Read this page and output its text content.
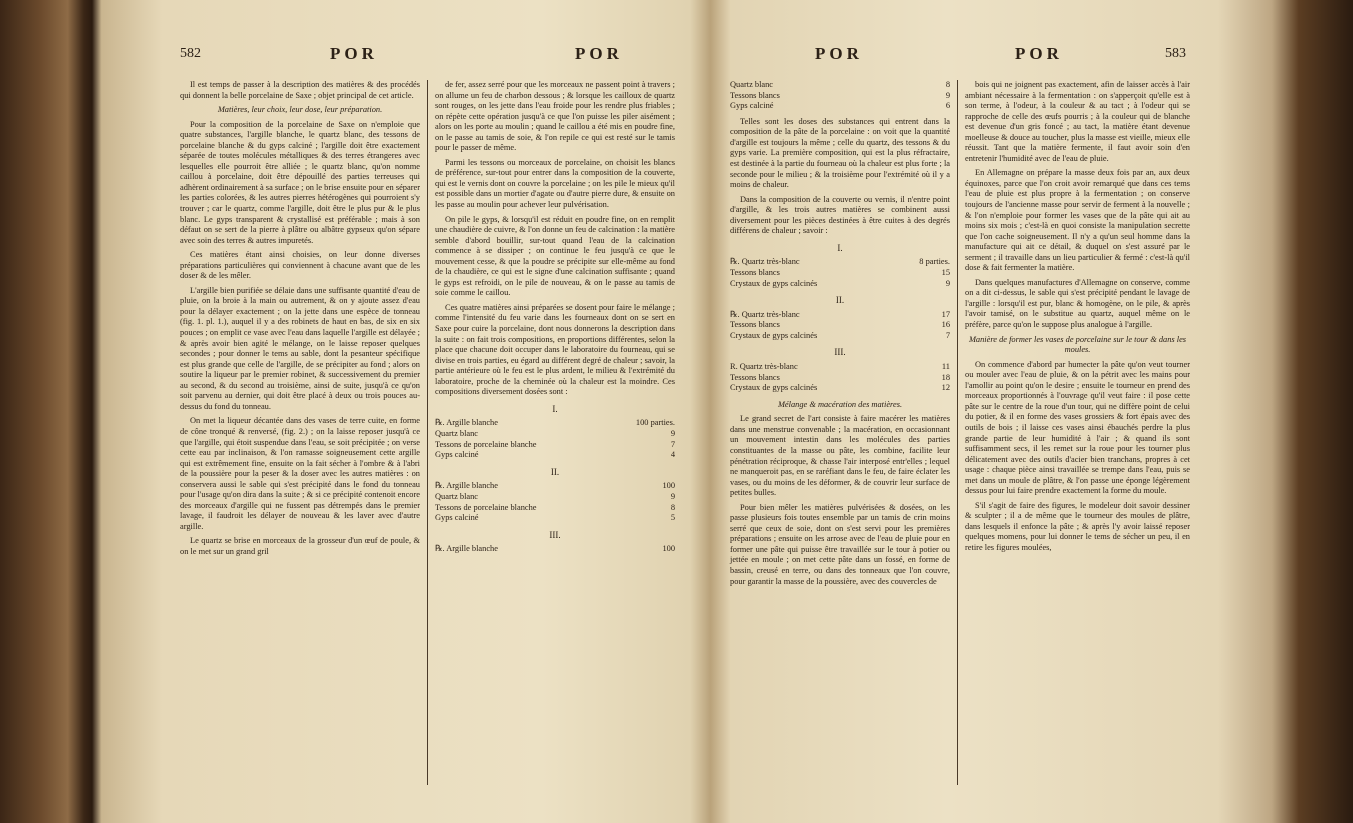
582	POR	POR

Il est temps de passer à la description des matières & des procédés qui donnent la belle porcelaine de Saxe ; objet principal de cet article.

Matières, leur choix, leur dose, leur préparation.

Pour la composition de la porcelaine de Saxe on n'emploie que quatre substances, l'argille blanche, le quartz blanc, des tessons de porcelaine blanche & du gyps calciné ; l'argille doit être exactement séparée de toutes molécules métalliques & des terres étrangeres avec lesquelles elle pourroit être alliée ; le quartz blanc, qu'on nomme caillou à porcelaine, doit être dépouillé des parties terreuses qui adhèrent ordinairement à sa surface ; on le brise ensuite pour en séparer les parties colorées, & les autres pierres hétérogènes qui pourroient s'y trouver ; car le quartz, comme l'argille, doit être le plus pur & le plus blanc. Le gyps transparent & crystallisé est préférable ; mais à son défaut on se sert de la pierre à plâtre ou albâtre gypseux qu'on sépare avec soin des terres & autres impuretés.

Ces matières étant ainsi choisies, on leur donne diverses préparations particulières qui conviennent à chacune avant que de les doser & de les mêler.

L'argille bien purifiée se délaie dans une suffisante quantité d'eau de pluie, on la broie à la main ou autrement, & on y ajoute assez d'eau pour la délayer exactement ; on la jette dans une espèce de tonneau (fig. 1. pl. 1.), auquel il y a des robinets de haut en bas, de six en six pouces ; on emplit ce vase avec l'eau dans laquelle l'argille est délayée ; & après avoir bien agité le mélange, on le laisse reposer quelques secondes ; pour donner le tems au sable, dont la pesanteur spécifique est plus grande que celle de l'argille, de se précipiter au fond ; alors on soutire la liqueur par le premier robinet, & successivement du premier au second, & du second au troisième, ainsi de suite, jusqu'à ce qu'on soit parvenu au dernier, qui doit être placé à deux ou trois pouces au-dessus du fond du tonneau.

On met la liqueur décantée dans des vases de terre cuite, en forme de cône tronqué & renversé, (fig. 2.) ; on la laisse reposer jusqu'à ce que l'argille, qui étoit suspendue dans l'eau, se soit précipitée ; on verse cette eau par inclinaison, & l'on ramasse soigneusement cette argille qui est extrêmement fine, ensuite on la fait sécher à l'ombre & à l'abri de la poussière pour la peser & la doser avec les autres matières : on conservera aussi le sable qui s'est précipité dans le fond du tonneau pour l'usage qu'on dira dans la suite ; & si ce précipité contenoit encore des morceaux d'argille qui ne fussent pas détrempés dans le premier lavage, il faudroit les délayer de nouveau & les laver avec d'autre argille.

Le quartz se brise en morceaux de la grosseur d'un œuf de poule, & on le met sur un grand gril

de fer, assez serré pour que les morceaux ne passent point à travers ; on allume un feu de charbon dessous ; & lorsque les cailloux de quartz sont rouges, on les jette dans l'eau froide pour les rendre plus friables ; on répète cette opération jusqu'à ce que l'on puisse les piler aisément ; alors on les porte au moulin ; quand le caillou a été mis en poudre fine, on le passe au tamis de soie, & l'on repile ce qui est resté sur le tamis pour le passer de même.

Parmi les tessons ou morceaux de porcelaine, on choisit les blancs de préférence, sur-tout pour entrer dans la composition de la couverte, qui est le vernis dont on couvre la porcelaine ; on les pile le mieux qu'il est possible dans un mortier d'agate ou d'autre pierre dure, & ensuite on les passe au moulin pour achever leur pulvérisation.

On pile le gyps, & lorsqu'il est réduit en poudre fine, on en remplit une chaudière de cuivre, & l'on donne un feu de calcination : la matière semble d'abord bouillir, sur-tout quand l'eau de la calcination commence à se dissiper ; on continue le feu jusqu'à ce que le mouvement cesse, & que la poudre se précipite sur elle-même au fond de la chaudière, ce qui est le signe d'une calcination suffisante ; quand le gyps est refroidi, on le pile de nouveau, & on le passe au tamis de soie comme le caillou.

Ces quatre matières ainsi préparées se dosent pour faire le mélange ; comme l'intensité du feu varie dans les fourneaux dont on se sert en Saxe pour cuire la porcelaine, dont nous donnerons la description dans la suite : on fait trois compositions, en proportions différentes, selon la place que chacune doit occuper dans le laboratoire du fourneau, qui se divise en trois parties, eu égard au différent degré de chaleur ; savoir, la partie antérieure où le feu est le plus ardent, le milieu & l'extrémité du laboratoire, proche de la cheminée où la chaleur est la moindre. Ces compositions diversement dosées sont :

I.
℞. Argille blanche	100 parties.
Quartz blanc	9
Tessons de porcelaine blanche	7
Gyps calciné	4
II.
℞. Argille blanche	100
Quartz blanc	9
Tessons de porcelaine blanche	8
Gyps calciné	5
III.
℞. Argille blanche	100
POR	POR	583
Quartz blanc	8
Tessons blancs	9
Gyps calciné	6

Telles sont les doses des substances qui entrent dans la composition de la pâte de la porcelaine : on voit que la quantité d'argille est toujours la même ; celle du quartz, des tessons & du gyps varie. La première composition, qui est la plus réfractaire, est destinée à la partie du fourneau où la chaleur est plus forte ; la seconde pour le milieu ; & la troisième pour l'extrémité où il y a moins de chaleur.

Dans la composition de la couverte ou vernis, il n'entre point d'argille, & les trois autres matières se combinent aussi diversement pour les pièces destinées à être cuites à des degrés différens de chaleur ; savoir :

I.
℞. Quartz très-blanc	8 parties.
Tessons blancs	15
Crystaux de gyps calcinés	9
II.
℞. Quartz très-blanc	17
Tessons blancs	16
Crystaux de gyps calcinés	7
III.
R. Quartz très-blanc	11
Tessons blancs	18
Crystaux de gyps calcinés	12

Mélange & macération des matières.

Le grand secret de l'art consiste à faire macérer les matières dans une menstrue convenable ; la macération, en occasionnant un mouvement intestin dans les molécules des parties constituantes de la masse ou pâte, les combine, facilite leur pénétration réciproque, & chasse l'air interposé entr'elles ; lequel ne manqueroit pas, en se raréfiant dans le feu, de faire éclater les vases, ou du moins de les déformer, & de couvrir leur surface de petites bulles.

Pour bien mêler les matières pulvérisées & dosées, on les passe plusieurs fois toutes ensemble par un tamis de crin moins serré que ceux de soie, dont on s'est servi pour les premières préparations ; ensuite on les arrose avec de l'eau de pluie pour en former une pâte qui puisse être travaillée sur le tour à potier ou jettée en moule ; on met cette pâte dans un fossé, en forme de bassin, creusé en terre, ou dans des tonneaux que l'on couvre, pour garantir la masse de la poussière, avec des couvercles de

bois qui ne joignent pas exactement, afin de laisser accès à l'air ambiant nécessaire à la fermentation : on s'apperçoit qu'elle est à son terme, à l'odeur, à la couleur & au tact ; à l'odeur qui se rapproche de celle des œufs pourris ; à la couleur qui de blanche est devenue d'un gris foncé ; au tact, la matière étant devenue moelleuse & douce au toucher, plus la masse est vieille, mieux elle réussit. Tant que la matière fermente, il faut avoir soin d'en entretenir l'humidité avec de l'eau de pluie.

En Allemagne on prépare la masse deux fois par an, aux deux équinoxes, parce que l'on croit avoir remarqué que dans ces tems l'eau de pluie est plus propre à la fermentation ; on conserve toujours de l'ancienne masse pour servir de ferment à la nouvelle ; & l'on n'emploie pour former les vases que de la pâte qui ait au moins six mois ; c'est-là en quoi consiste la manipulation secrette que l'on cache soigneusement. Il n'y a qu'un seul homme dans la manufacture qui ait ce détail, & duquel on s'est assuré par le serment ; il travaille dans un lieu particulier & fermé : c'est-là qu'il dose & fait fermenter la matière.

Dans quelques manufactures d'Allemagne on conserve, comme on a dit ci-dessus, le sable qui s'est précipité pendant le lavage de l'argille : lorsqu'il est pur, blanc & homogène, on le pile, & après l'avoir tamisé, on le substitue au quartz, auquel même on le préfère, parce qu'on le suppose plus analogue à l'argille.

Manière de former les vases de porcelaine sur le tour & dans les moules.

On commence d'abord par humecter la pâte qu'on veut tourner ou mouler avec l'eau de pluie, & on la pétrit avec les mains pour l'amollir au point qu'on le desire ; ensuite le tourneur en prend des morceaux proportionnés à l'ouvrage qu'il veut faire : il pose cette pâte sur le centre de la roue d'un tour, qui ne diffère point de celui du potier, & il en forme des vases grossiers & fort épais avec des outils de bois ; il laisse ces vases ainsi ébauchés perdre la plus grande partie de leur humidité à l'air ; & quand ils sont suffisamment secs, il les remet sur la roue pour les tourner plus délicatement avec des outils d'acier bien tranchans, propres à cet usage : chaque pièce ainsi travaillée se trempe dans l'eau, puis se met dans un moule de plâtre, & l'on passe une éponge légèrement dessus pour lui faire prendre exactement la forme du moule.

S'il s'agit de faire des figures, le modeleur doit savoir dessiner & sculpter ; il a de même que le tourneur des moules de plâtre, dans lesquels il enfonce la pâte ; & après l'y avoir laissé reposer quelques momens, pour lui donner le tems de sécher un peu, il en retire les figures moulées,
